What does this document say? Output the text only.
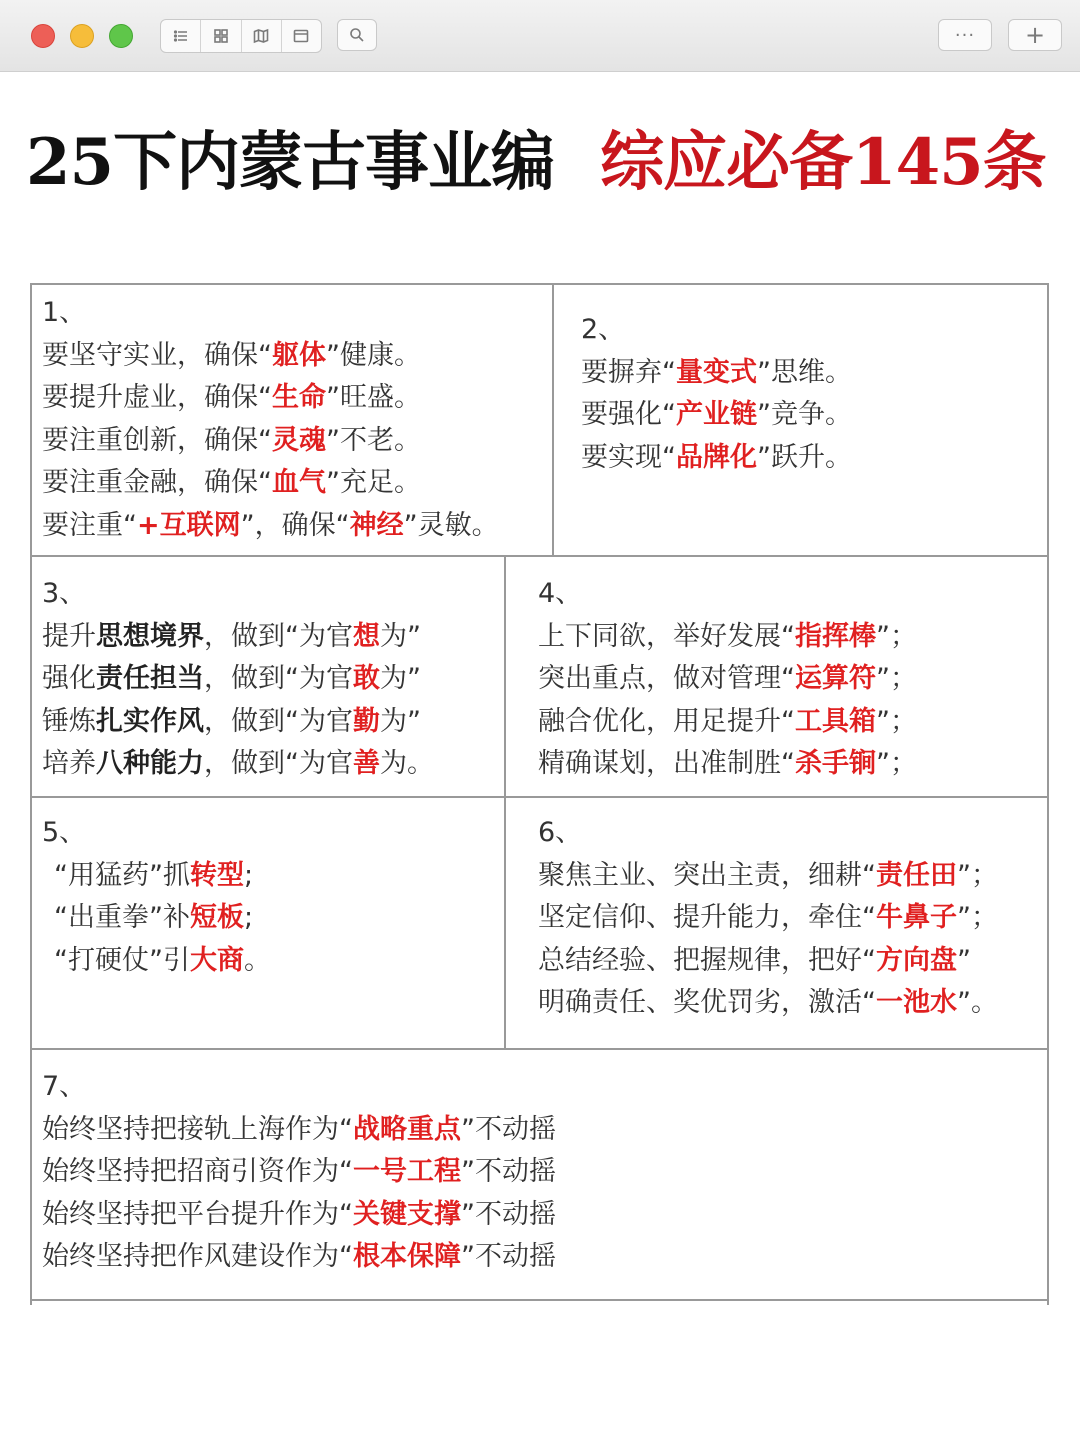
··· +
25下内蒙古事业编 综应必备145条
1、
要坚守实业，确保“躯体”健康。
要提升虚业，确保“生命”旺盛。
要注重创新，确保“灵魂”不老。
要注重金融，确保“血气”充足。
要注重“+互联网”，确保“神经”灵敏。
2、
要摒弃“量变式”思维。
要强化“产业链”竞争。
要实现“品牌化”跃升。
3、
提升思想境界，做到“为官想为”
强化责任担当，做到“为官敢为”
锤炼扎实作风，做到“为官勤为”
培养八种能力，做到“为官善为。
4、
上下同欲，举好发展“指挥棒”；
突出重点，做对管理“运算符”；
融合优化，用足提升“工具箱”；
精确谋划，出准制胜“杀手锏”；
5、
“用猛药”抓转型;
“出重拳”补短板;
“打硬仗”引大商。
6、
聚焦主业、突出主责，细耕“责任田”；
坚定信仰、提升能力，牵住“牛鼻子”；
总结经验、把握规律，把好“方向盘”
明确责任、奖优罚劣，激活“一池水”。
7、
始终坚持把接轨上海作为“战略重点”不动摇
始终坚持把招商引资作为“一号工程”不动摇
始终坚持把平台提升作为“关键支撑”不动摇
始终坚持把作风建设作为“根本保障”不动摇
